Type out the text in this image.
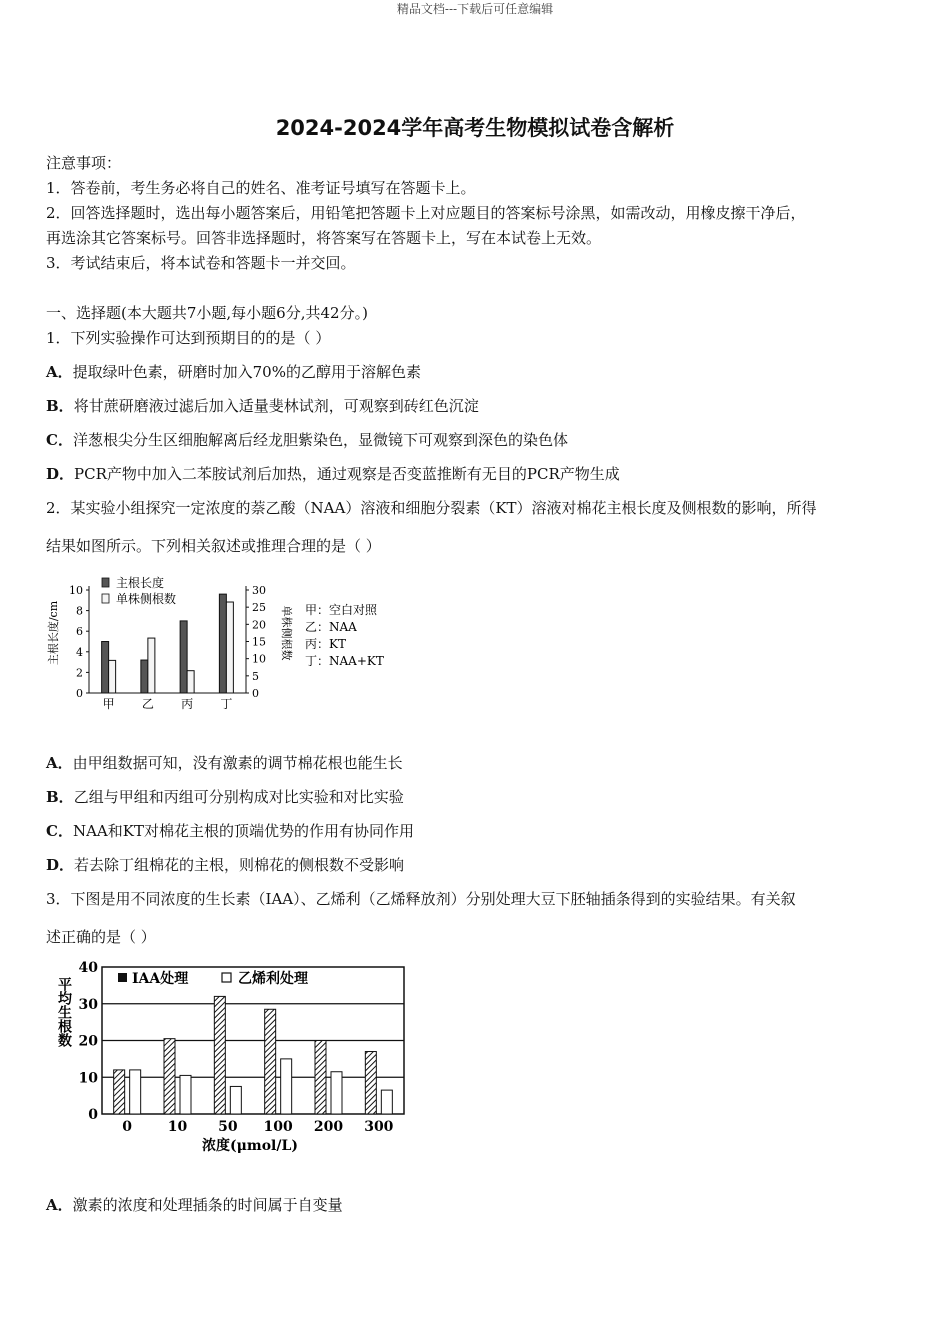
精品文档---下载后可任意编辑
2024-2024学年高考生物模拟试卷含解析
注意事项：
1．答卷前，考生务必将自己的姓名、准考证号填写在答题卡上。
2．回答选择题时，选出每小题答案后，用铅笔把答题卡上对应题目的答案标号涂黑，如需改动，用橡皮擦干净后，
再选涂其它答案标号。回答非选择题时，将答案写在答题卡上，写在本试卷上无效。
3．考试结束后，将本试卷和答题卡一并交回。
一、选择题(本大题共7小题,每小题6分,共42分。)
1．下列实验操作可达到预期目的的是（ ）
A．提取绿叶色素，研磨时加入70%的乙醇用于溶解色素
B．将甘蔗研磨液过滤后加入适量斐林试剂，可观察到砖红色沉淀
C．洋葱根尖分生区细胞解离后经龙胆紫染色，显微镜下可观察到深色的染色体
D．PCR产物中加入二苯胺试剂后加热，通过观察是否变蓝推断有无目的PCR产物生成
2．某实验小组探究一定浓度的萘乙酸（NAA）溶液和细胞分裂素（KT）溶液对棉花主根长度及侧根数的影响，所得
结果如图所示。下列相关叙述或推理合理的是（ ）
主根长度
单株侧根数
主根长度/cm	单株侧根数
0
2
4
6
8
10
0
5
10
15
20
25
30
甲 乙 丙 丁
甲：空白对照
乙：NAA
丙：KT
丁：NAA+KT
A．由甲组数据可知，没有激素的调节棉花根也能生长
B．乙组与甲组和丙组可分别构成对比实验和对比实验
C．NAA和KT对棉花主根的顶端优势的作用有协同作用
D．若去除丁组棉花的主根，则棉花的侧根数不受影响
3．下图是用不同浓度的生长素（IAA）、乙烯利（乙烯释放剂）分别处理大豆下胚轴插条得到的实验结果。有关叙
述正确的是（ ）
IAA处理	乙烯利处理
平均生根数
0
10
20
30
40
0	10 50 100 200 300
浓度(μmol/L)
A．激素的浓度和处理插条的时间属于自变量
